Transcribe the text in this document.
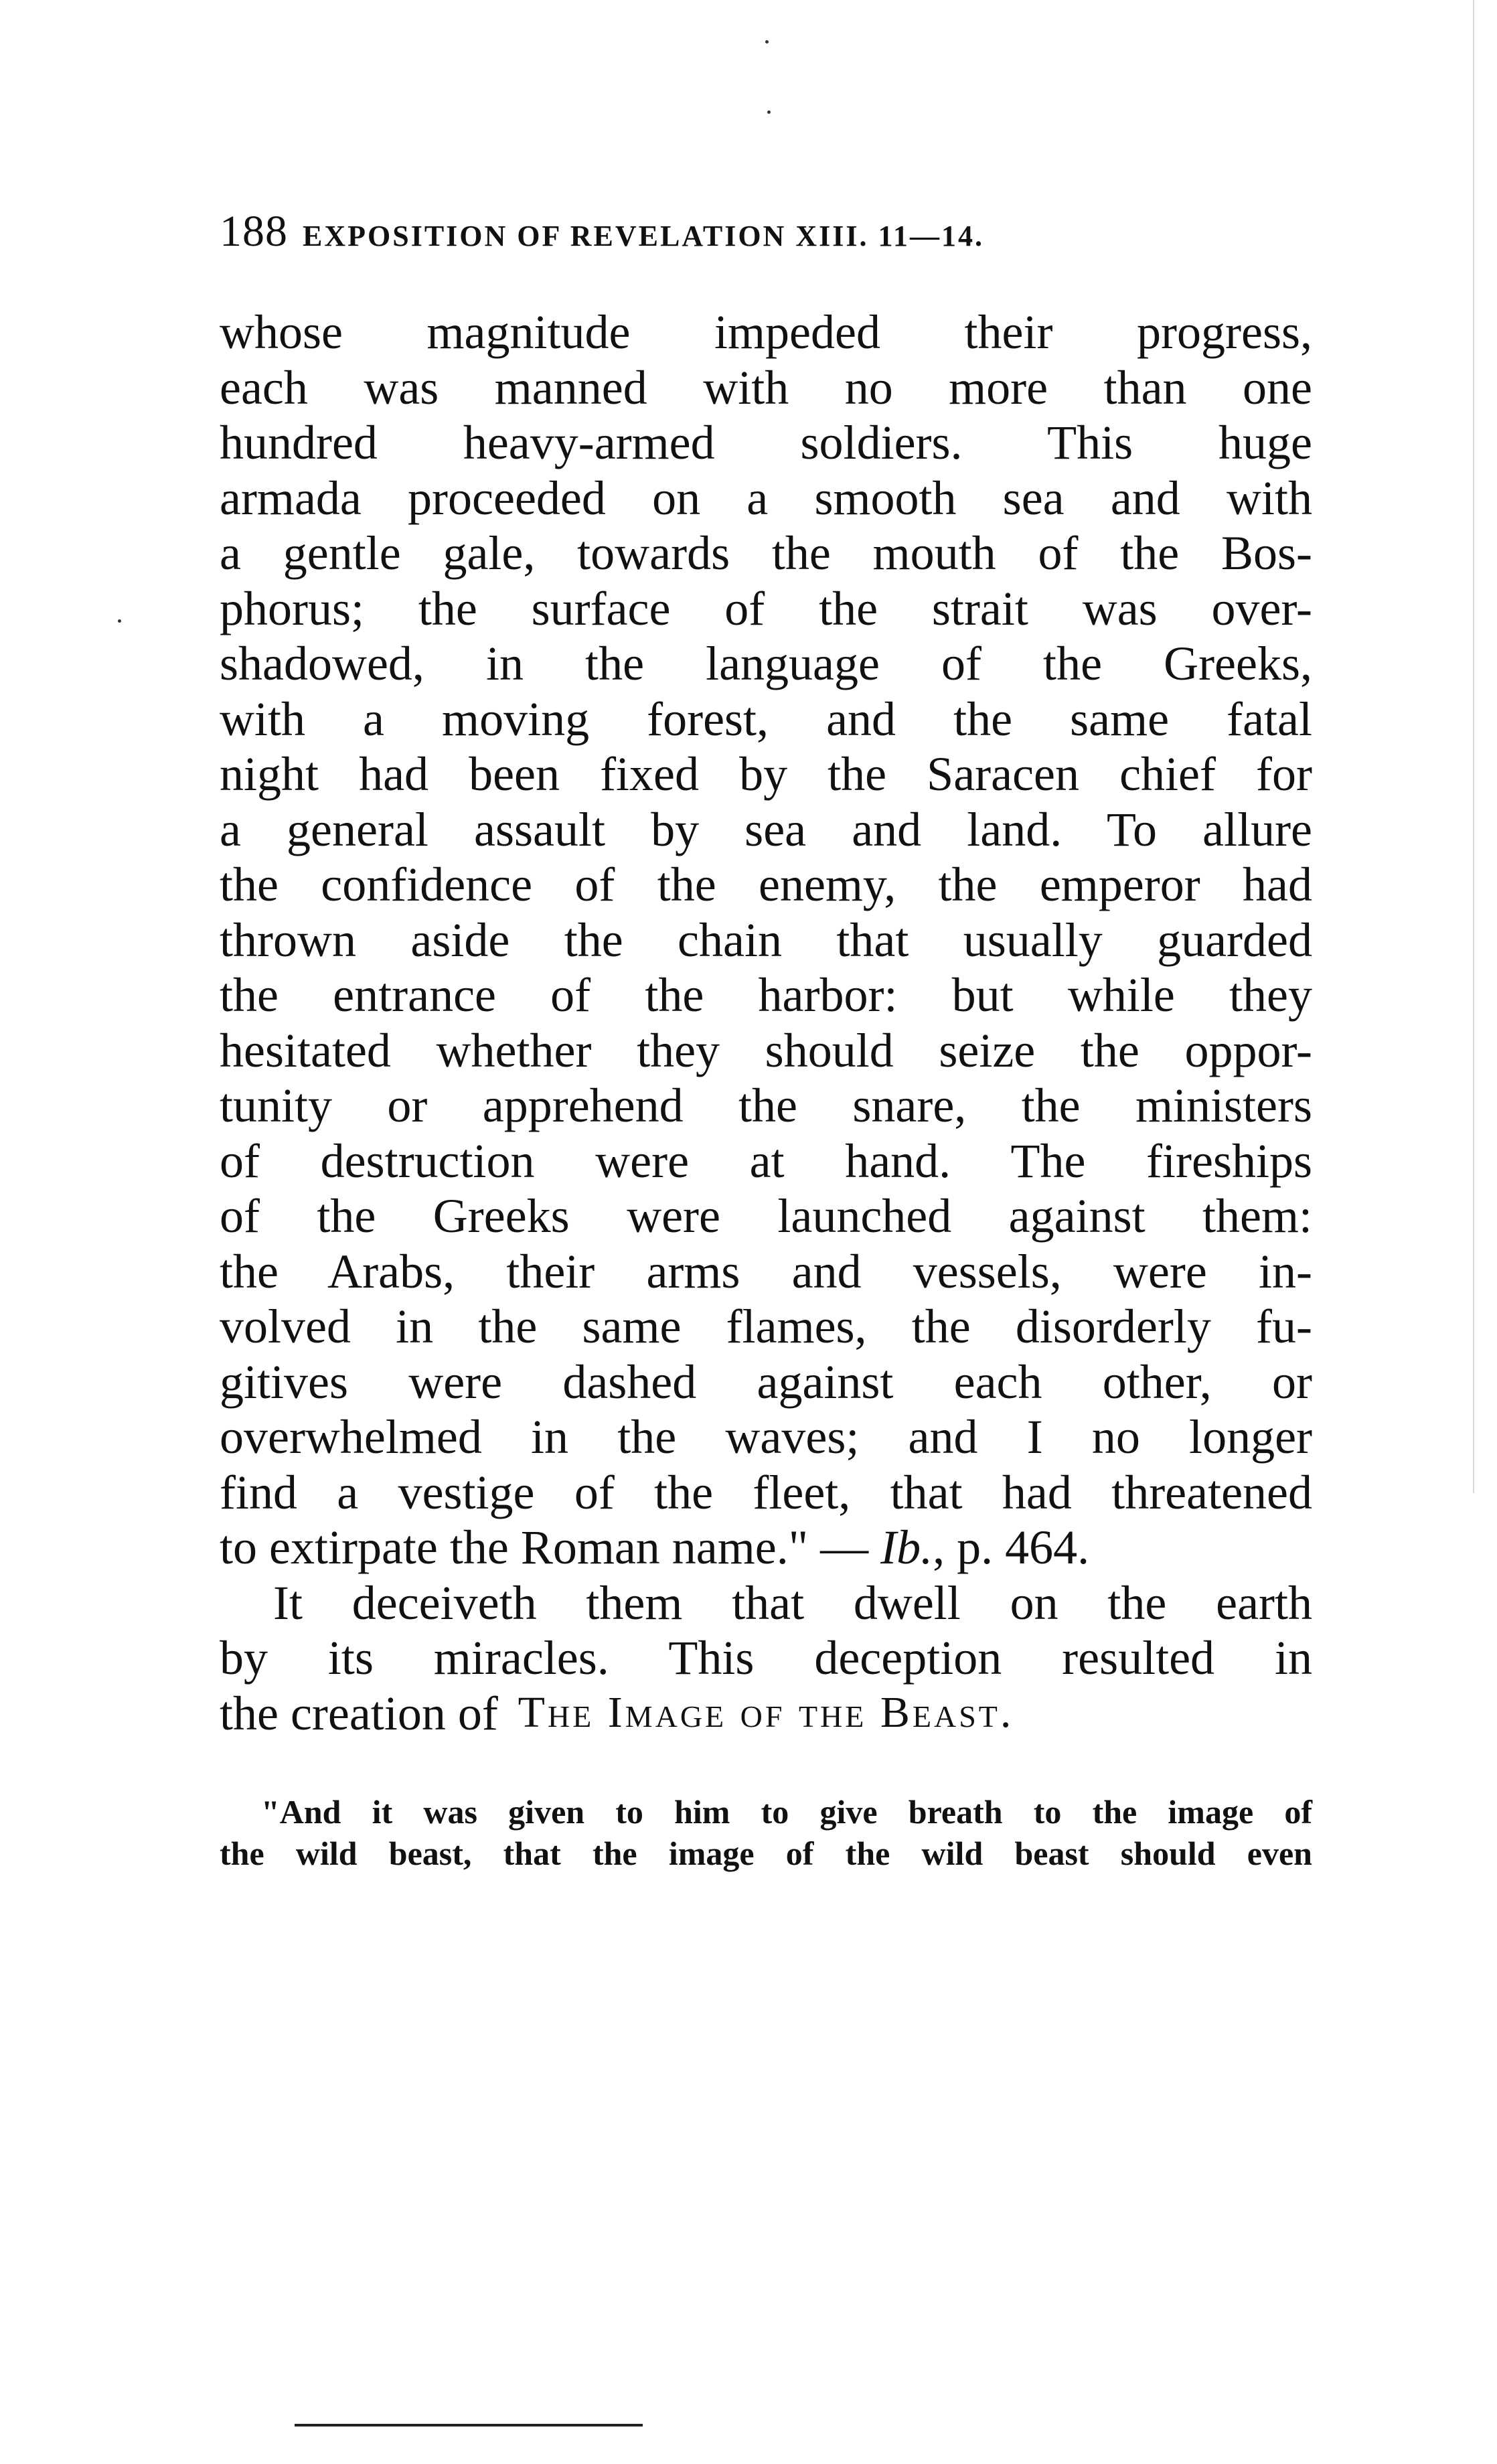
188 EXPOSITION OF REVELATION XIII. 11—14.
whose magnitude impeded their progress,
each was manned with no more than one
hundred heavy-armed soldiers. This huge
armada proceeded on a smooth sea and with
a gentle gale, towards the mouth of the Bos-
phorus; the surface of the strait was over-
shadowed, in the language of the Greeks,
with a moving forest, and the same fatal
night had been fixed by the Saracen chief for
a general assault by sea and land. To allure
the confidence of the enemy, the emperor had
thrown aside the chain that usually guarded
the entrance of the harbor: but while they
hesitated whether they should seize the oppor-
tunity or apprehend the snare, the ministers
of destruction were at hand. The fireships
of the Greeks were launched against them:
the Arabs, their arms and vessels, were in-
volved in the same flames, the disorderly fu-
gitives were dashed against each other, or
overwhelmed in the waves; and I no longer
find a vestige of the fleet, that had threatened
to extirpate the Roman name." — Ib., p. 464.
It deceiveth them that dwell on the earth
by its miracles. This deception resulted in
the creation of The Image of the Beast.
"And it was given to him to give breath to the image of
the wild beast, that the image of the wild beast should even
